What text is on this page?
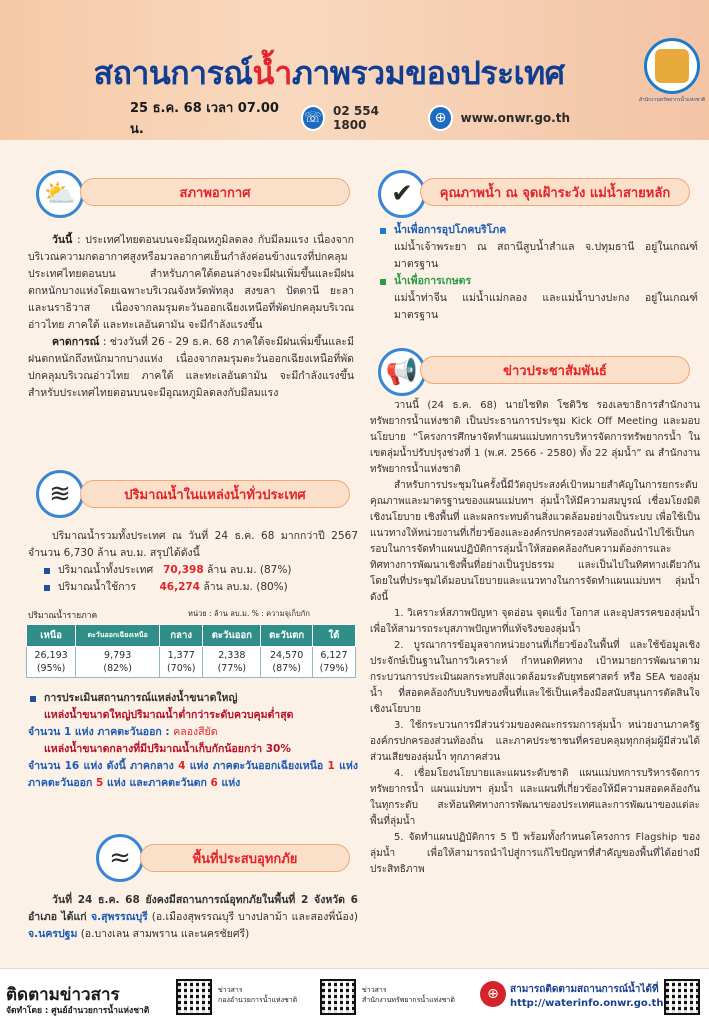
สถานการณ์น้ำภาพรวมของประเทศ
สำนักงานทรัพยากรน้ำแห่งชาติ
25 ธ.ค. 68 เวลา 07.00 น.
☏ 02 554 1800	⊕	www.onwr.go.th
⛅	สภาพอากาศ

วันนี้ : ประเทศไทยตอนบนจะมีอุณหภูมิลดลง กับมีลมแรง เนื่องจากบริเวณความกดอากาศสูงหรือมวลอากาศเย็นกำลังค่อนข้างแรงที่ปกคลุมประเทศไทยตอนบน สำหรับภาคใต้ตอนล่างจะมีฝนเพิ่มขึ้นและมีฝนตกหนักบางแห่งโดยเฉพาะบริเวณจังหวัดพัทลุง สงขลา ปัตตานี ยะลา และนราธิวาส เนื่องจากลมรุมตะวันออกเฉียงเหนือที่พัดปกคลุมบริเวณอ่าวไทย ภาคใต้ และทะเลอันดามัน จะมีกำลังแรงขึ้น

คาดการณ์ : ช่วงวันที่ 26 - 29 ธ.ค. 68 ภาคใต้จะมีฝนเพิ่มขึ้นและมีฝนตกหนักถึงหนักมากบางแห่ง เนื่องจากลมรุมตะวันออกเฉียงเหนือที่พัดปกคลุมบริเวณอ่าวไทย ภาคใต้ และทะเลอันดามัน จะมีกำลังแรงขึ้น สำหรับประเทศไทยตอนบนจะมีอุณหภูมิลดลงกับมีลมแรง

≋	ปริมาณน้ำในแหล่งน้ำทั่วประเทศ

ปริมาณน้ำรวมทั้งประเทศ ณ วันที่ 24 ธ.ค. 68 มากกว่าปี 2567 จำนวน 6,730 ล้าน ลบ.ม. สรุปได้ดังนี้

ปริมาณน้ำทั้งประเทศ 70,398 ล้าน ลบ.ม. (87%)
ปริมาณน้ำใช้การ 46,274 ล้าน ลบ.ม. (80%)
ปริมาณน้ำรายภาค	หน่วย : ล้าน ลบ.ม. % : ความจุเก็บกัก
เหนือ	ตะวันออกเฉียงเหนือ	กลาง	ตะวันออก	ตะวันตก	ใต้
26,193
(95%)	9,793
(82%)	1,377
(70%)	2,338
(77%)	24,570
(87%)	6,127
(79%)
การประเมินสถานการณ์แหล่งน้ำขนาดใหญ่

แหล่งน้ำขนาดใหญ่ปริมาณน้ำต่ำกว่าระดับควบคุมต่ำสุด

จำนวน 1 แห่ง ภาคตะวันออก : คลองสียัด

แหล่งน้ำขนาดกลางที่มีปริมาณน้ำเก็บกักน้อยกว่า 30%

จำนวน 16 แห่ง ดังนี้ ภาคกลาง 4 แห่ง ภาคตะวันออกเฉียงเหนือ 1 แห่ง ภาคตะวันออก 5 แห่ง และภาคตะวันตก 6 แห่ง

≈	พื้นที่ประสบอุทกภัย

วันที่ 24 ธ.ค. 68 ยังคงมีสถานการณ์อุทกภัยในพื้นที่ 2 จังหวัด 6 อำเภอ ได้แก่ จ.สุพรรณบุรี (อ.เมืองสุพรรณบุรี บางปลาม้า และสองพี่น้อง) จ.นครปฐม (อ.บางเลน สามพราน และนครชัยศรี)

✔	คุณภาพน้ำ ณ จุดเฝ้าระวัง แม่น้ำสายหลัก
น้ำเพื่อการอุปโภคบริโภค

แม่น้ำเจ้าพระยา ณ สถานีสูบน้ำสำแล จ.ปทุมธานี อยู่ในเกณฑ์มาตรฐาน

น้ำเพื่อการเกษตร

แม่น้ำท่าจีน แม่น้ำแม่กลอง และแม่น้ำบางปะกง อยู่ในเกณฑ์มาตรฐาน

📢	ข่าวประชาสัมพันธ์

วานนี้ (24 ธ.ค. 68) นายไชทิต โชติวิช รองเลขาธิการสำนักงานทรัพยากรน้ำแห่งชาติ เป็นประธานการประชุม Kick Off Meeting และมอบนโยบาย “โครงการศึกษาจัดทำแผนแม่บทการบริหารจัดการทรัพยากรน้ำ ในเขตลุ่มน้ำปรับปรุงช่วงที่ 1 (พ.ศ. 2566 - 2580) ทั้ง 22 ลุ่มน้ำ” ณ สำนักงานทรัพยากรน้ำแห่งชาติ

สำหรับการประชุมในครั้งนี้มีวัตถุประสงค์เป้าหมายสำคัญในการยกระดับคุณภาพและมาตรฐานของแผนแม่บทฯ ลุ่มน้ำให้มีความสมบูรณ์ เชื่อมโยงมิติเชิงนโยบาย เชิงพื้นที่ และผลกระทบด้านสิ่งแวดล้อมอย่างเป็นระบบ เพื่อใช้เป็นแนวทางให้หน่วยงานที่เกี่ยวข้องและองค์กรปกครองส่วนท้องถิ่นนำไปใช้เป็นกรอบในการจัดทำแผนปฏิบัติการลุ่มน้ำให้สอดคล้องกับความต้องการและทิศทางการพัฒนาเชิงพื้นที่อย่างเป็นรูปธรรม และเป็นไปในทิศทางเดียวกัน โดยในที่ประชุมได้มอบนโยบายและแนวทางในการจัดทำแผนแม่บทฯ ลุ่มน้ำ ดังนี้

1. วิเคราะห์สภาพปัญหา จุดอ่อน จุดแข็ง โอกาส และอุปสรรคของลุ่มน้ำ เพื่อให้สามารถระบุสภาพปัญหาที่แท้จริงของลุ่มน้ำ

2. บูรณาการข้อมูลจากหน่วยงานที่เกี่ยวข้องในพื้นที่ และใช้ข้อมูลเชิงประจักษ์เป็นฐานในการวิเคราะห์ กำหนดทิศทาง เป้าหมายการพัฒนาตามกระบวนการประเมินผลกระทบสิ่งแวดล้อมระดับยุทธศาสตร์ หรือ SEA ของลุ่มน้ำ ที่สอดคล้องกับบริบทของพื้นที่และใช้เป็นเครื่องมือสนับสนุนการตัดสินใจเชิงนโยบาย

3. ใช้กระบวนการมีส่วนร่วมของคณะกรรมการลุ่มน้ำ หน่วยงานภาครัฐ องค์กรปกครองส่วนท้องถิ่น และภาคประชาชนที่ครอบคลุมทุกกลุ่มผู้มีส่วนได้ส่วนเสียของลุ่มน้ำ ทุกภาคส่วน

4. เชื่อมโยงนโยบายและแผนระดับชาติ แผนแม่บทการบริหารจัดการทรัพยากรน้ำ แผนแม่บทฯ ลุ่มน้ำ และแผนที่เกี่ยวข้องให้มีความสอดคล้องกันในทุกระดับ สะท้อนทิศทางการพัฒนาของประเทศและการพัฒนาของแต่ละพื้นที่ลุ่มน้ำ

5. จัดทำแผนปฏิบัติการ 5 ปี พร้อมทั้งกำหนดโครงการ Flagship ของลุ่มน้ำ เพื่อให้สามารถนำไปสู่การแก้ไขปัญหาที่สำคัญของพื้นที่ได้อย่างมีประสิทธิภาพ

ติดตามข่าวสาร
จัดทำโดย : ศูนย์อำนวยการน้ำแห่งชาติ
ข่าวสาร
กองอำนวยการน้ำแห่งชาติ
ข่าวสาร
สำนักงานทรัพยากรน้ำแห่งชาติ	⊕	สามารถติดตามสถานการณ์น้ำได้ที่
http://waterinfo.onwr.go.th
